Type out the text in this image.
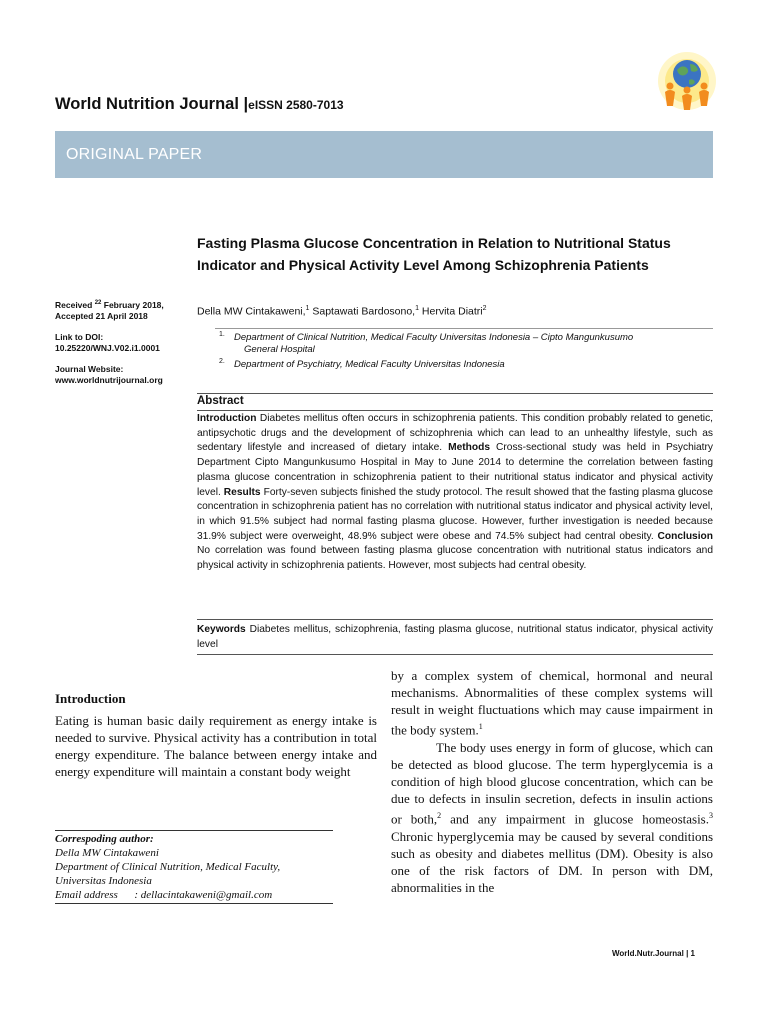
World Nutrition Journal |eISSN 2580-7013
ORIGINAL PAPER
Fasting Plasma Glucose Concentration in Relation to Nutritional Status Indicator and Physical Activity Level Among Schizophrenia Patients
Della MW Cintakaweni,$^1$ Saptawati Bardosono,$^1$ Hervita Diatri$^2$
1. Department of Clinical Nutrition, Medical Faculty Universitas Indonesia – Cipto Mangunkusumo
General Hospital
2. Department of Psychiatry, Medical Faculty Universitas Indonesia

Received $^{22}$ February 2018,
Accepted 21 April 2018

Link to DOI:
10.25220/WNJ.V02.i1.0001

Journal Website:
www.worldnutrijournal.org

Abstract
Introduction Diabetes mellitus often occurs in schizophrenia patients. This condition probably related to genetic, antipsychotic drugs and the development of schizophrenia which can lead to an unhealthy lifestyle, such as sedentary lifestyle and increased of dietary intake. Methods Cross-sectional study was held in Psychiatry Department Cipto Mangunkusumo Hospital in May to June 2014 to determine the correlation between fasting plasma glucose concentration in schizophrenia patient to their nutritional status indicator and physical activity level. Results Forty-seven subjects finished the study protocol. The result showed that the fasting plasma glucose concentration in schizophrenia patient has no correlation with nutritional status indicator and physical activity level, in which 91.5% subject had normal fasting plasma glucose. However, further investigation is needed because 31.9% subject were overweight, 48.9% subject were obese and 74.5% subject had central obesity. Conclusion No correlation was found between fasting plasma glucose concentration with nutritional status indicators and physical activity in schizophrenia patients. However, most subjects had central obesity.
Keywords Diabetes mellitus, schizophrenia, fasting plasma glucose, nutritional status indicator, physical activity level
Introduction
Eating is human basic daily requirement as energy intake is needed to survive. Physical activity has a contribution in total energy expenditure. The balance between energy intake and energy expenditure will maintain a constant body weight

by a complex system of chemical, hormonal and neural mechanisms. Abnormalities of these complex systems will result in weight fluctuations which may cause impairment in the body system.$^1$

The body uses energy in form of glucose, which can be detected as blood glucose. The term hyperglycemia is a condition of high blood glucose concentration, which can be due to defects in insulin secretion, defects in insulin actions or both,$^2$ and any impairment in glucose homeostasis.$^3$ Chronic hyperglycemia may be caused by several conditions such as obesity and diabetes mellitus (DM). Obesity is also one of the risk factors of DM. In person with DM, abnormalities in the

Correspoding author:
Della MW Cintakaweni
Department of Clinical Nutrition, Medical Faculty,
Universitas Indonesia
Email address      : dellacintakaweni@gmail.com
World.Nutr.Journal | 1
